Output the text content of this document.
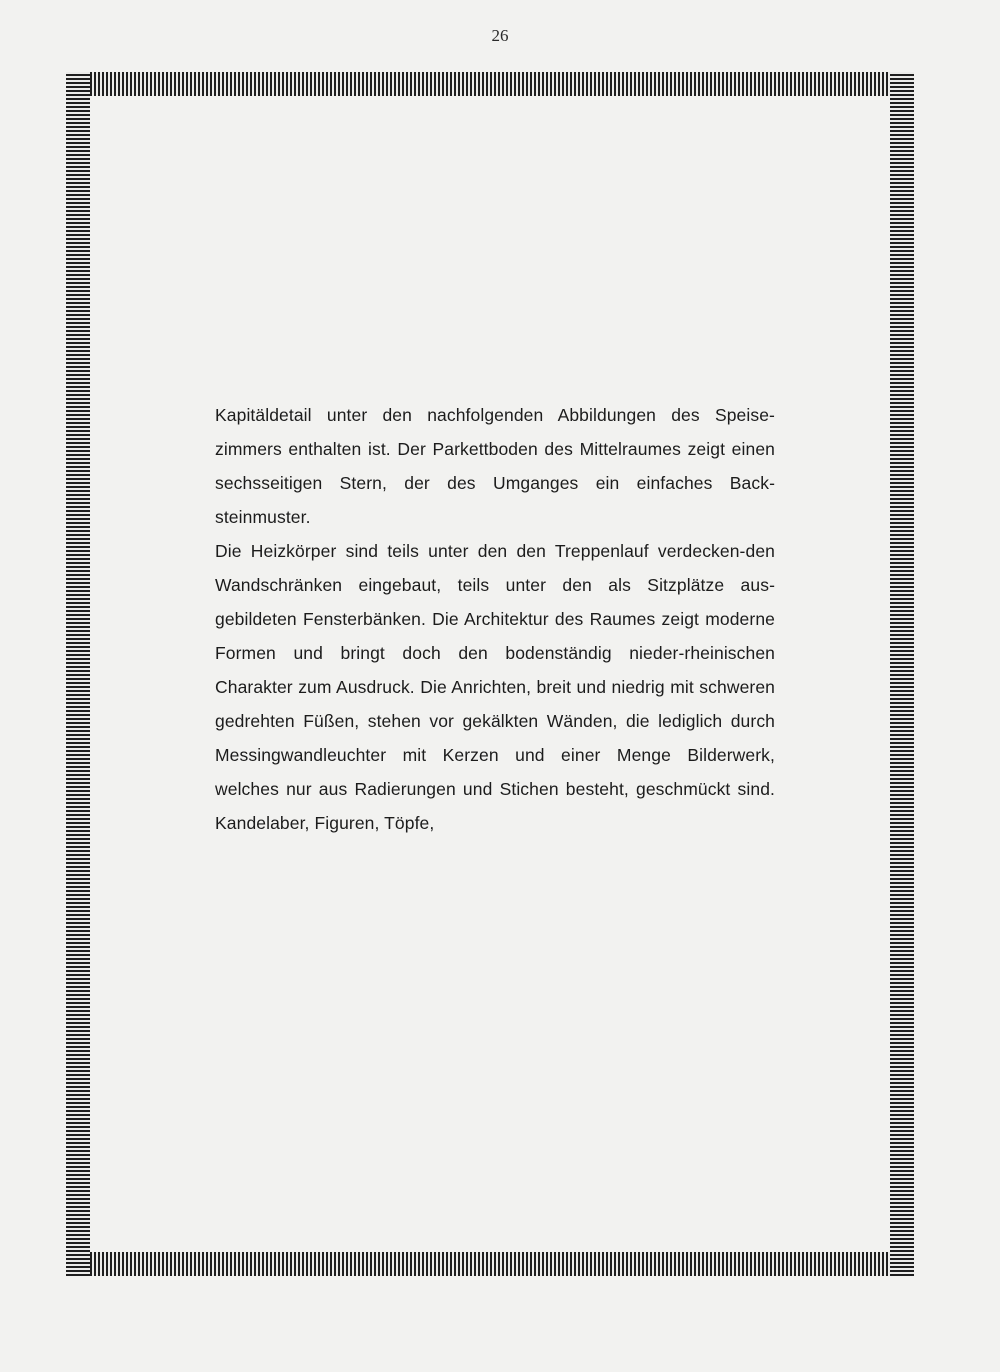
26

Kapitäldetail unter den nachfolgenden Abbildungen des Speise-zimmers enthalten ist. Der Parkettboden des Mittelraumes zeigt einen sechsseitigen Stern, der des Umganges ein einfaches Back-steinmuster.

Die Heizkörper sind teils unter den den Treppenlauf verdecken-den Wandschränken eingebaut, teils unter den als Sitzplätze aus-gebildeten Fensterbänken. Die Architektur des Raumes zeigt moderne Formen und bringt doch den bodenständig nieder-rheinischen Charakter zum Ausdruck. Die Anrichten, breit und niedrig mit schweren gedrehten Füßen, stehen vor gekälkten Wänden, die lediglich durch Messingwandleuchter mit Kerzen und einer Menge Bilderwerk, welches nur aus Radierungen und Stichen besteht, geschmückt sind. Kandelaber, Figuren, Töpfe,
